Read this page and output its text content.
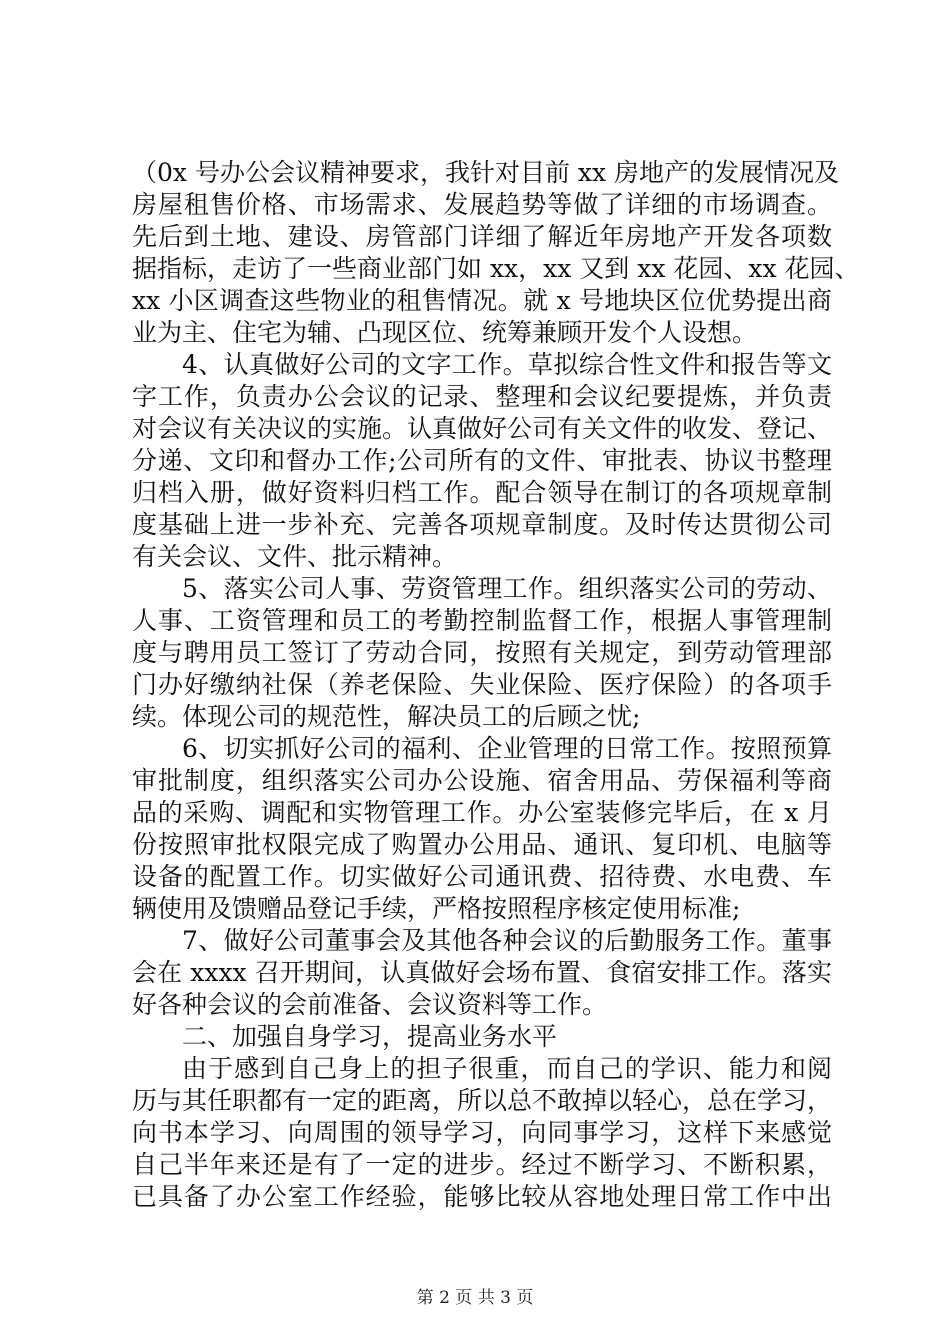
（0x 号办公会议精神要求，我针对目前 xx 房地产的发展情况及
房屋租售价格、市场需求、发展趋势等做了详细的市场调查。
先后到土地、建设、房管部门详细了解近年房地产开发各项数
据指标，走访了一些商业部门如 xx，xx 又到 xx 花园、xx 花园、
xx 小区调查这些物业的租售情况。就 x 号地块区位优势提出商
业为主、住宅为辅、凸现区位、统筹兼顾开发个人设想。
4、认真做好公司的文字工作。草拟综合性文件和报告等文
字工作，负责办公会议的记录、整理和会议纪要提炼，并负责
对会议有关决议的实施。认真做好公司有关文件的收发、登记、
分递、文印和督办工作;公司所有的文件、审批表、协议书整理
归档入册，做好资料归档工作。配合领导在制订的各项规章制
度基础上进一步补充、完善各项规章制度。及时传达贯彻公司
有关会议、文件、批示精神。
5、落实公司人事、劳资管理工作。组织落实公司的劳动、
人事、工资管理和员工的考勤控制监督工作，根据人事管理制
度与聘用员工签订了劳动合同，按照有关规定，到劳动管理部
门办好缴纳社保（养老保险、失业保险、医疗保险）的各项手
续。体现公司的规范性，解决员工的后顾之忧;
6、切实抓好公司的福利、企业管理的日常工作。按照预算
审批制度，组织落实公司办公设施、宿舍用品、劳保福利等商
品的采购、调配和实物管理工作。办公室装修完毕后，在 x 月
份按照审批权限完成了购置办公用品、通讯、复印机、电脑等
设备的配置工作。切实做好公司通讯费、招待费、水电费、车
辆使用及馈赠品登记手续，严格按照程序核定使用标准;
7、做好公司董事会及其他各种会议的后勤服务工作。董事
会在 xxxx 召开期间，认真做好会场布置、食宿安排工作。落实
好各种会议的会前准备、会议资料等工作。
二、加强自身学习，提高业务水平
由于感到自己身上的担子很重，而自己的学识、能力和阅
历与其任职都有一定的距离，所以总不敢掉以轻心，总在学习，
向书本学习、向周围的领导学习，向同事学习，这样下来感觉
自己半年来还是有了一定的进步。经过不断学习、不断积累，
已具备了办公室工作经验，能够比较从容地处理日常工作中出
第 2 页 共 3 页
